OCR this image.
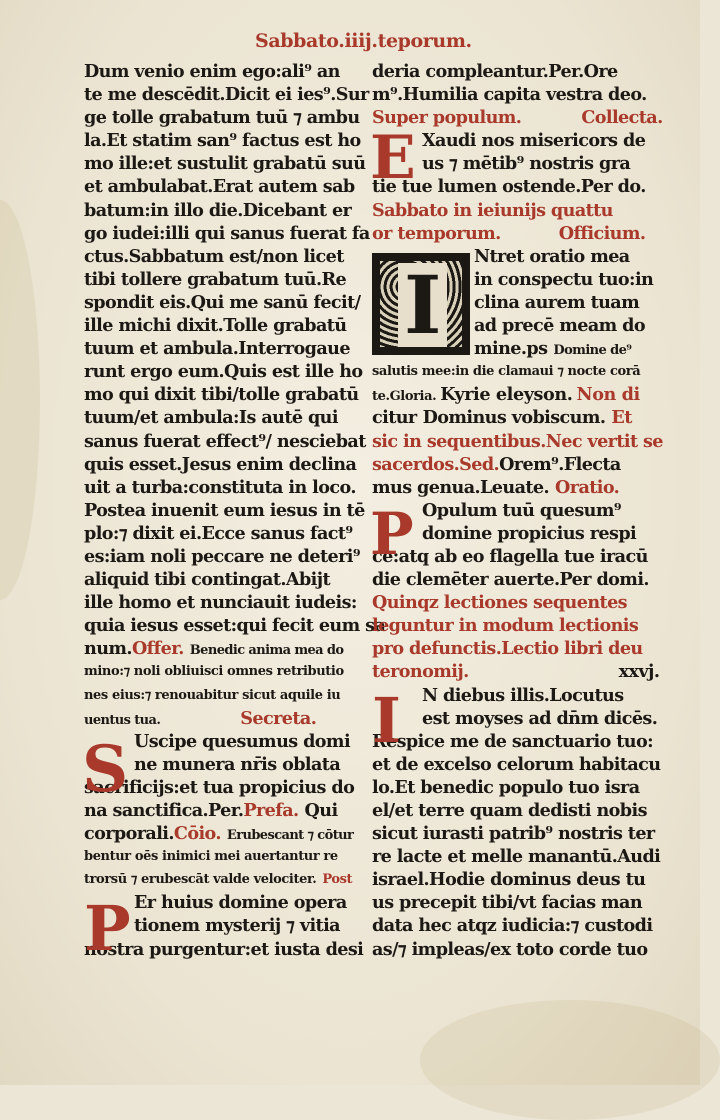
Sabbato.iiij.teporum.
Dum venio enim ego:ali⁹ an
te me descēdit.Dicit ei ies⁹.Sur
ge tolle grabatum tuū ⁊ ambu
la.Et statim san⁹ factus est ho
mo ille:et sustulit grabatū suū
et ambulabat.Erat autem sab
batum:in illo die.Dicebant er
go iudei:illi qui sanus fuerat fa
ctus.Sabbatum est/non licet
tibi tollere grabatum tuū.Re
spondit eis.Qui me sanū fecit/
ille michi dixit.Tolle grabatū
tuum et ambula.Interrogaue
runt ergo eum.Quis est ille ho
mo qui dixit tibi/tolle grabatū
tuum/et ambula:Is autē qui
sanus fuerat effect⁹/ nesciebat
quis esset.Jesus enim declina
uit a turba:constituta in loco.
Postea inuenit eum iesus in tē
plo:⁊ dixit ei.Ecce sanus fact⁹
es:iam noli peccare ne deteri⁹
aliquid tibi contingat.Abijt
ille homo et nunciauit iudeis:
quia iesus esset:qui fecit eum sa
num.Offer. Benedic anima mea do
mino:⁊ noli obliuisci omnes retributio
nes eius:⁊ renouabitur sicut aquile iu
uentus tua.	Secreta.
Uscipe quesumus domi
ne munera nr̄is oblata
sacrificijs:et tua propicius do
na sanctifica.Per.Prefa. Qui
corporali.Cōio. Erubescant ⁊ cōtur
bentur oēs inimici mei auertantur re
trorsū ⁊ erubescāt valde velociter. Post
Er huius domine opera
tionem mysterij ⁊ vitia
nostra purgentur:et iusta desi
deria compleantur.Per.Ore
m⁹.Humilia capita vestra deo.
Super populum.	Collecta.
Xaudi nos misericors de
us ⁊ mētib⁹ nostris gra
tie tue lumen ostende.Per do.
Sabbato in ieiunijs quattu
or temporum.	Officium.
Ntret oratio mea
in conspectu tuo:in
clina aurem tuam
ad precē meam do
mine.ps Domine de⁹
salutis mee:in die clamaui ⁊ nocte corā
te.Gloria. Kyrie eleyson. Non di
citur Dominus vobiscum. Et
sic in sequentibus.Nec vertit se
sacerdos.Sed.Orem⁹.Flecta
mus genua.Leuate. Oratio.
Opulum tuū quesum⁹
domine propicius respi
ce:atq ab eo flagella tue iracū
die clemēter auerte.Per domi.
Quinqz lectiones sequentes
leguntur in modum lectionis
pro defunctis.Lectio libri deu
teronomij.	xxvj.
N diebus illis.Locutus
est moyses ad dn̄m dicēs.
Respice me de sanctuario tuo:
et de excelso celorum habitacu
lo.Et benedic populo tuo isra
el/et terre quam dedisti nobis
sicut iurasti patrib⁹ nostris ter
re lacte et melle manantū.Audi
israel.Hodie dominus deus tu
us precepit tibi/vt facias man
data hec atqz iudicia:⁊ custodi
as/⁊ impleas/ex toto corde tuo
I
S
E
P
P
I
